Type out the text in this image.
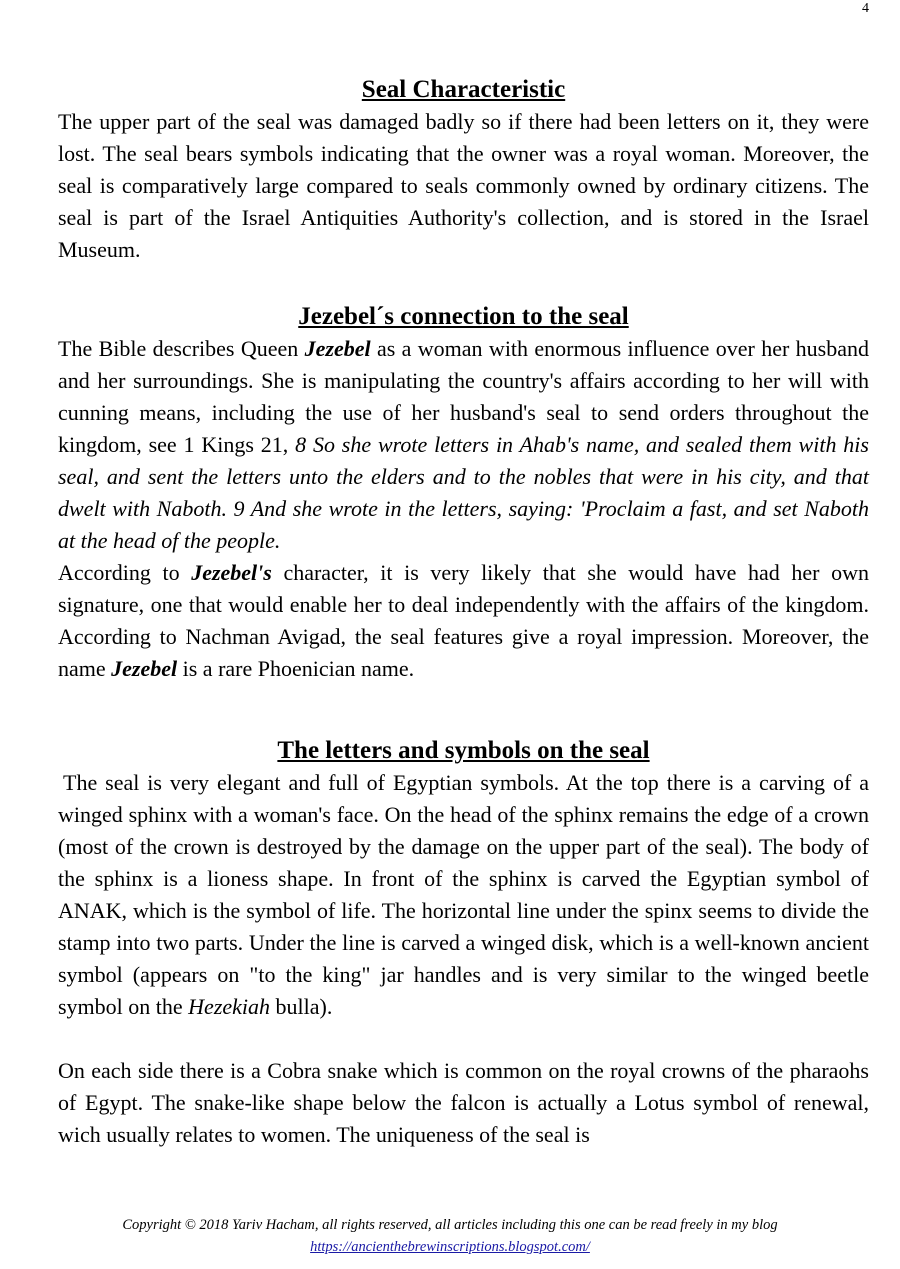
4
Seal Characteristic

The upper part of the seal was damaged badly so if there had been letters on it, they were lost. The seal bears symbols indicating that the owner was a royal woman. Moreover, the seal is comparatively large compared to seals commonly owned by ordinary citizens. The seal is part of the Israel Antiquities Authority's collection, and is stored in the Israel Museum.

Jezebel´s connection to the seal

The Bible describes Queen Jezebel as a woman with enormous influence over her husband and her surroundings. She is manipulating the country's affairs according to her will with cunning means, including the use of her husband's seal to send orders throughout the kingdom, see 1 Kings 21, 8 So she wrote letters in Ahab's name, and sealed them with his seal, and sent the letters unto the elders and to the nobles that were in his city, and that dwelt with Naboth. 9 And she wrote in the letters, saying: 'Proclaim a fast, and set Naboth at the head of the people.

According to Jezebel's character, it is very likely that she would have had her own signature, one that would enable her to deal independently with the affairs of the kingdom. According to Nachman Avigad, the seal features give a royal impression. Moreover, the name Jezebel is a rare Phoenician name.

The letters and symbols on the seal

The seal is very elegant and full of Egyptian symbols. At the top there is a carving of a winged sphinx with a woman's face. On the head of the sphinx remains the edge of a crown (most of the crown is destroyed by the damage on the upper part of the seal). The body of the sphinx is a lioness shape. In front of the sphinx is carved the Egyptian symbol of ANAK, which is the symbol of life. The horizontal line under the spinx seems to divide the stamp into two parts. Under the line is carved a winged disk, which is a well-known ancient symbol (appears on "to the king" jar handles and is very similar to the winged beetle symbol on the Hezekiah bulla).

On each side there is a Cobra snake which is common on the royal crowns of the pharaohs of Egypt. The snake-like shape below the falcon is actually a Lotus symbol of renewal, wich usually relates to women. The uniqueness of the seal is

Copyright © 2018 Yariv Hacham, all rights reserved, all articles including this one can be read freely in my blog
https://ancienthebrewinscriptions.blogspot.com/
